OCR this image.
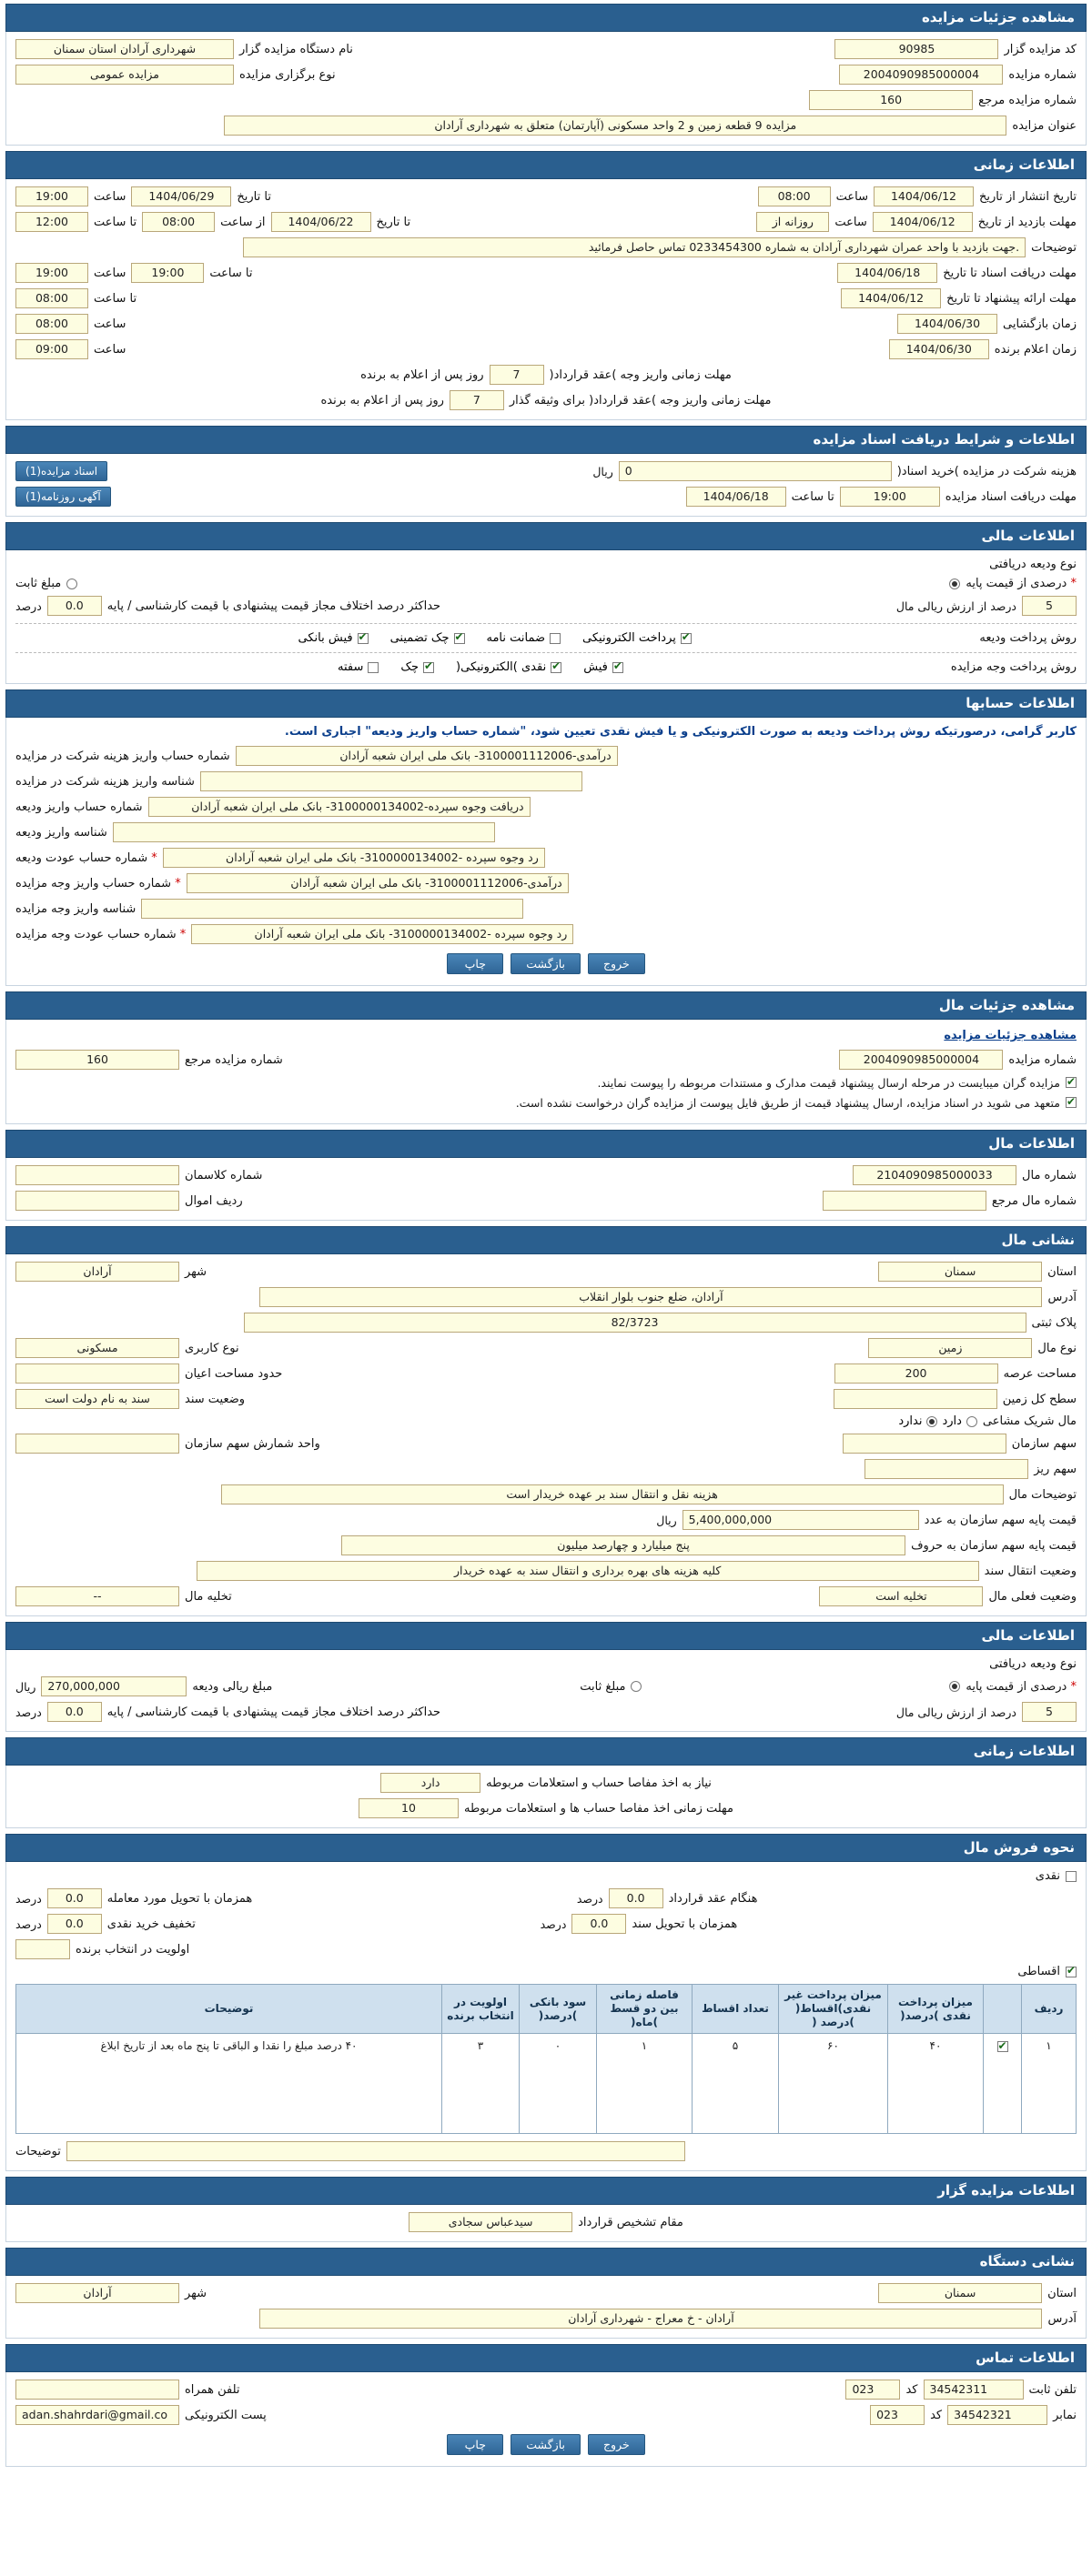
مشاهده جزئیات مزایده
کد مزایده گزار
90985
نام دستگاه مزایده گزار
شهرداری آرادان استان سمنان
شماره مزایده
2004090985000004
نوع برگزاری مزایده
مزایده عمومی
شماره مزایده مرجع
160
عنوان مزایده
مزایده 9 قطعه زمین و 2 واحد مسکونی (آپارتمان) متعلق به شهرداری آرادان
اطلاعات زمانی
تاریخ انتشار از تاریخ
1404/06/12
ساعت
08:00
تا تاریخ
1404/06/29
ساعت
19:00
مهلت بازدید از تاریخ
1404/06/12
ساعت
روزانه از
تا تاریخ
1404/06/22
از ساعت
08:00
تا ساعت
12:00
توضیحات
.جهت بازدید با واحد عمران شهرداری آرادان به شماره 0233454300 تماس حاصل فرمائید
مهلت دریافت اسناد تا تاریخ
1404/06/18
تا ساعت
19:00
ساعت
19:00
مهلت ارائه پیشنهاد تا تاریخ
1404/06/12
تا ساعت
08:00
زمان بازگشایی
1404/06/30
ساعت
08:00
زمان اعلام برنده
1404/06/30
ساعت
09:00
مهلت زمانی واریز وجه )عقد قرارداد(
7
روز پس از اعلام به برنده
مهلت زمانی واریز وجه )عقد قرارداد( برای وثیقه گذار
7
روز پس از اعلام به برنده
اطلاعات و شرایط دریافت اسناد مزایده
هزینه شرکت در مزایده )خرید اسناد(
0
ریال
اسناد مزایده(1)
مهلت دریافت اسناد مزایده
19:00
تا ساعت
1404/06/18
آگهی روزنامه(1)
اطلاعات مالی
نوع ودیعه دریافتی
* درصدی از قیمت پایه
مبلغ ثابت
5
درصد از ارزش ریالی مال
حداکثر درصد اختلاف مجاز قیمت پیشنهادی با قیمت کارشناسی / پایه
0.0
درصد
روش پرداخت ودیعه
✔
پرداخت الکترونیکی
ضمانت نامه
✔
چک تضمینی
✔
فیش بانکی
روش پرداخت وجه مزایده
✔
فیش
✔
نقدی )الکترونیکی(
✔
چک
سفته
اطلاعات حسابها
کاربر گرامی، درصورتیکه روش پرداخت ودیعه به صورت الکترونیکی و یا فیش نقدی تعیین شود، "شماره حساب واریز ودیعه" اجباری است.
درآمدی-3100001112006- بانک ملی ایران شعبه آرادان
شماره حساب واریز هزینه شرکت در مزایده
شناسه واریز هزینه شرکت در مزایده
دریافت وجوه سپرده-3100000134002- بانک ملی ایران شعبه آرادان
شماره حساب واریز ودیعه
شناسه واریز ودیعه
رد وجوه سپرده -3100000134002- بانک ملی ایران شعبه آرادان
* شماره حساب عودت ودیعه
درآمدی-3100001112006- بانک ملی ایران شعبه آرادان
* شماره حساب واریز وجه مزایده
شناسه واریز وجه مزایده
رد وجوه سپرده -3100000134002- بانک ملی ایران شعبه آرادان
* شماره حساب عودت وجه مزایده
خروج
بازگشت
چاپ
مشاهده جزئیات مال
مشاهده جزئیات مزایده
شماره مزایده
2004090985000004
شماره مزایده مرجع
160
✔
مزایده گران میبایست در مرحله ارسال پیشنهاد قیمت مدارک و مستندات مربوطه را پیوست نمایند.
✔
متعهد می شوید در اسناد مزایده، ارسال پیشنهاد قیمت از طریق فایل پیوست از مزایده گران درخواست نشده است.
اطلاعات مال
شماره مال
2104090985000033
شماره کلاسمان
شماره مال مرجع
ردیف اموال
نشانی مال
استان
سمنان
شهر
آرادان
آدرس
آرادان، ضلع جنوب بلوار انقلاب
پلاک ثبتی
82/3723
نوع مال
زمین
نوع کاربری
مسکونی
مساحت عرصه
200
حدود مساحت اعیان
سطح کل زمین
وضعیت سند
سند به نام دولت است
مال شریک مشاعی
دارد
ندارد
سهم سازمان
واحد شمارش سهم سازمان
سهم ریز
توضیحات مال
هزینه نقل و انتقال سند بر عهده خریدار است
قیمت پایه سهم سازمان به عدد
5,400,000,000
ریال
قیمت پایه سهم سازمان به حروف
پنج میلیارد و چهارصد میلیون
وضعیت انتقال سند
کلیه هزینه های بهره برداری و انتقال سند به عهده خریدار
وضعیت فعلی مال
تخلیه است
تخلیه مال
--
اطلاعات مالی
نوع ودیعه دریافتی
* درصدی از قیمت پایه
مبلغ ثابت
مبلغ ریالی ودیعه
270,000,000
ریال
5
درصد از ارزش ریالی مال
حداکثر درصد اختلاف مجاز قیمت پیشنهادی با قیمت کارشناسی / پایه
0.0
درصد
اطلاعات زمانی
نیاز به اخذ مفاصا حساب و استعلامات مربوطه
دارد
مهلت زمانی اخذ مفاصا حساب ها و استعلامات مربوطه
10
نحوه فروش مال
نقدی
هنگام عقد قرارداد
0.0
درصد
همزمان با تحویل مورد معامله
0.0
درصد
همزمان با تحویل سند
0.0
درصد
تخفیف خرید نقدی
0.0
درصد
اولویت در انتخاب برنده
✔
اقساطی
ردیف		میزان پرداخت نقدی )درصد(	میزان پرداخت غیر نقدی)اقساط( )درصد (	تعداد اقساط	فاصله زمانی بین دو قسط )ماه(	سود بانکی )درصد(	اولویت در انتخاب برنده	توضیحات
۱	✔	۴۰	۶۰	۵	۱	۰	۳	۴۰ درصد مبلغ را نقدا و الباقی تا پنج ماه بعد از تاریخ ابلاغ
توضیحات
اطلاعات مزایده گزار
مقام تشخیص قرارداد
سیدعباس سجادی
نشانی دستگاه
استان
سمنان
شهر
آرادان
آدرس
آرادان - خ معراج - شهرداری آرادان
اطلاعات تماس
تلفن ثابت
34542311
کد
023
تلفن همراه
نمابر
34542321
کد
023
پست الکترونیکی
adan.shahrdari@gmail.co
خروج
بازگشت
چاپ
